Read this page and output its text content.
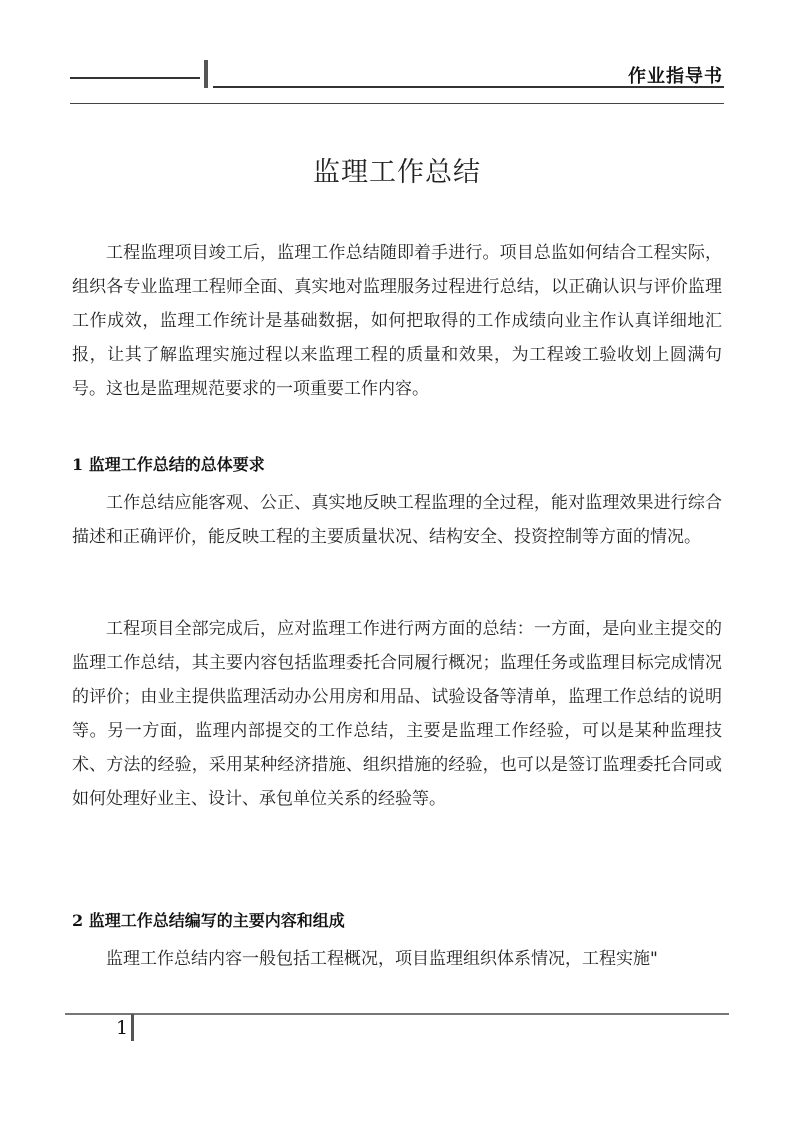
作业指导书
监理工作总结
工程监理项目竣工后，监理工作总结随即着手进行。项目总监如何结合工程实际，组织各专业监理工程师全面、真实地对监理服务过程进行总结，以正确认识与评价监理工作成效，监理工作统计是基础数据，如何把取得的工作成绩向业主作认真详细地汇报，让其了解监理实施过程以来监理工程的质量和效果，为工程竣工验收划上圆满句号。这也是监理规范要求的一项重要工作内容。
1 监理工作总结的总体要求
工作总结应能客观、公正、真实地反映工程监理的全过程，能对监理效果进行综合描述和正确评价，能反映工程的主要质量状况、结构安全、投资控制等方面的情况。
工程项目全部完成后，应对监理工作进行两方面的总结：一方面，是向业主提交的监理工作总结，其主要内容包括监理委托合同履行概况；监理任务或监理目标完成情况的评价；由业主提供监理活动办公用房和用品、试验设备等清单，监理工作总结的说明等。另一方面，监理内部提交的工作总结，主要是监理工作经验，可以是某种监理技术、方法的经验，采用某种经济措施、组织措施的经验，也可以是签订监理委托合同或如何处理好业主、设计、承包单位关系的经验等。
2 监理工作总结编写的主要内容和组成
监理工作总结内容一般包括工程概况，项目监理组织体系情况，工程实施"
1
